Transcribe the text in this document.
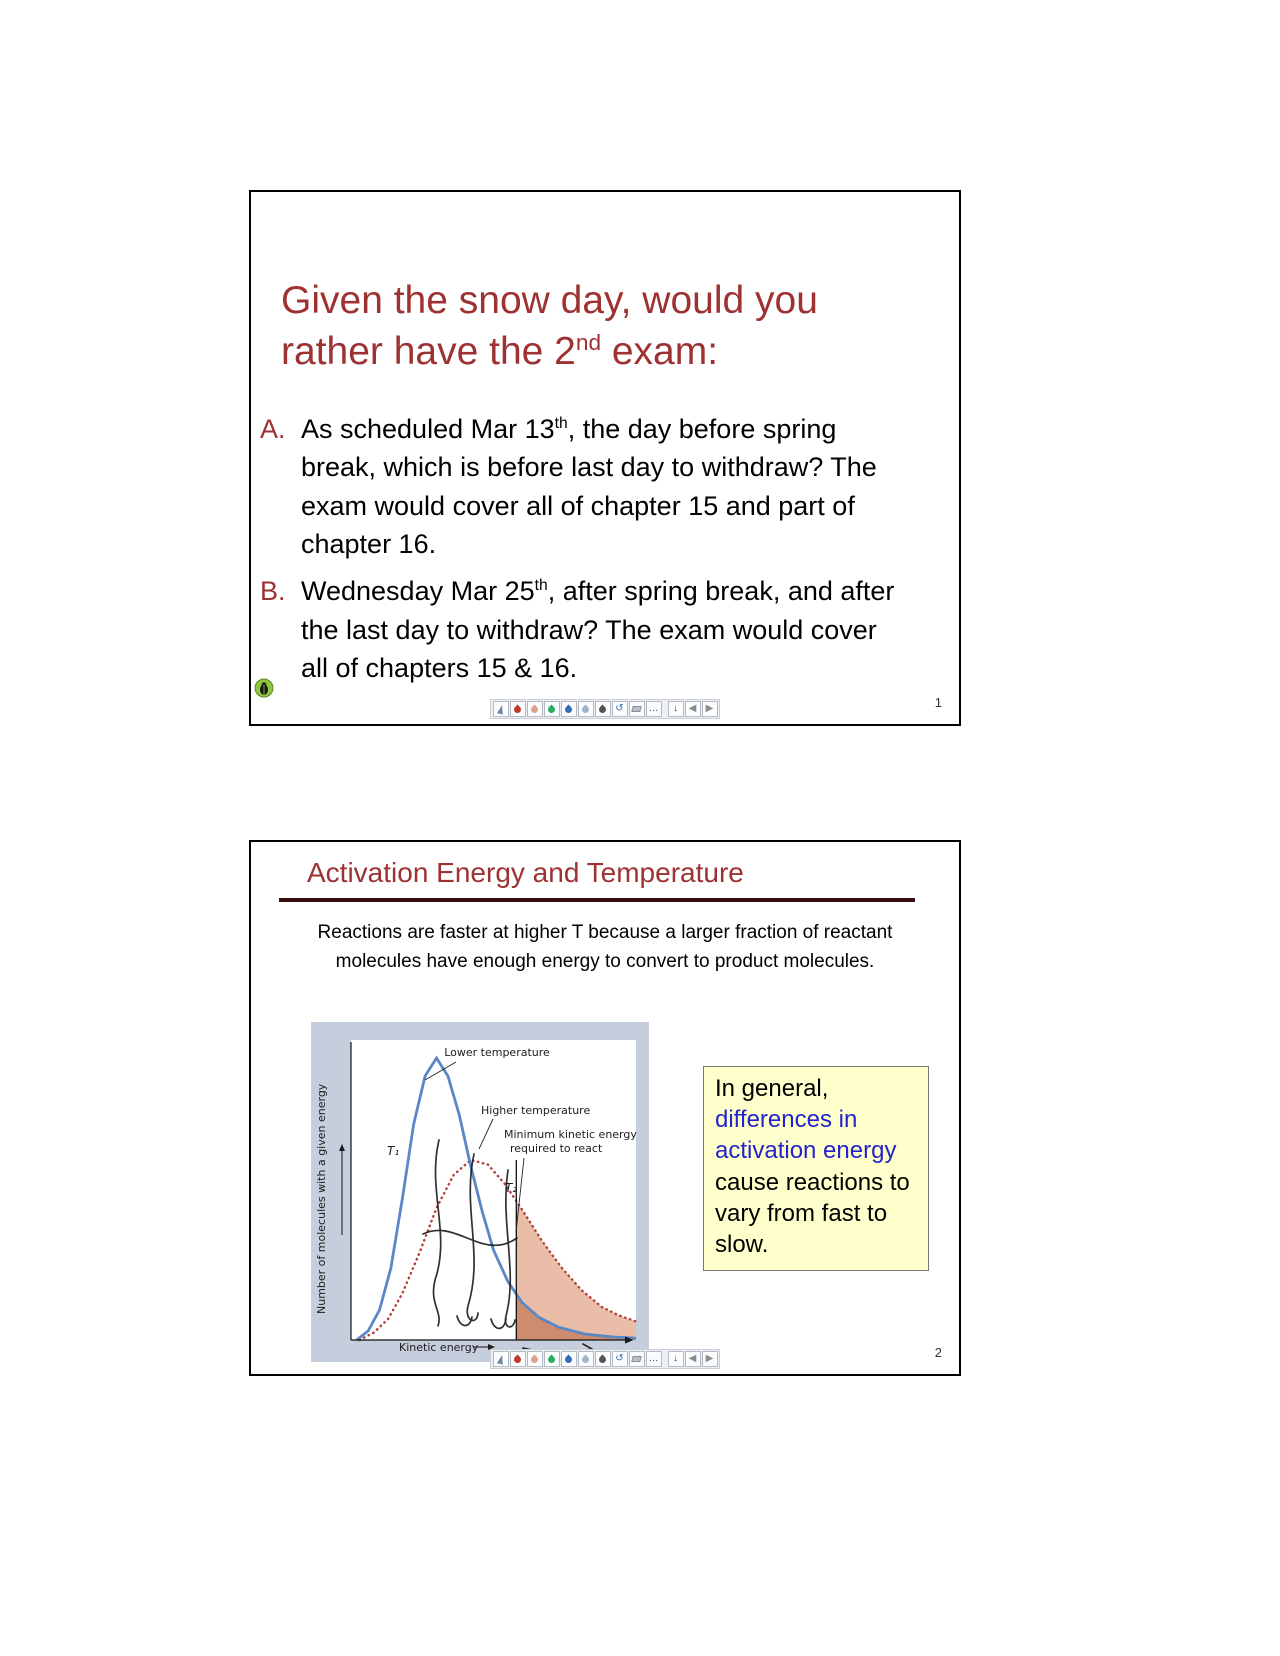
Given the snow day, would you
rather have the 2nd exam:
A. As scheduled Mar 13th, the day before spring break, which is before last day to withdraw? The exam would cover all of chapter 15 and part of chapter 16.
B. Wednesday Mar 25th, after spring break, and after the last day to withdraw? The exam would cover all of chapters 15 & 16.
↺	…	↓	◀ ▶	1
Activation Energy and Temperature

Reactions are faster at higher T because a larger fraction of reactant
molecules have enough energy to convert to product molecules.

Lower temperature
Higher temperature
Minimum kinetic energy
required to react
T₁
T₂
Kinetic energy
Number of molecules with a given energy	In general, differences in activation energy cause reactions to vary from fast to slow.
↺	…	↓	◀ ▶	2
